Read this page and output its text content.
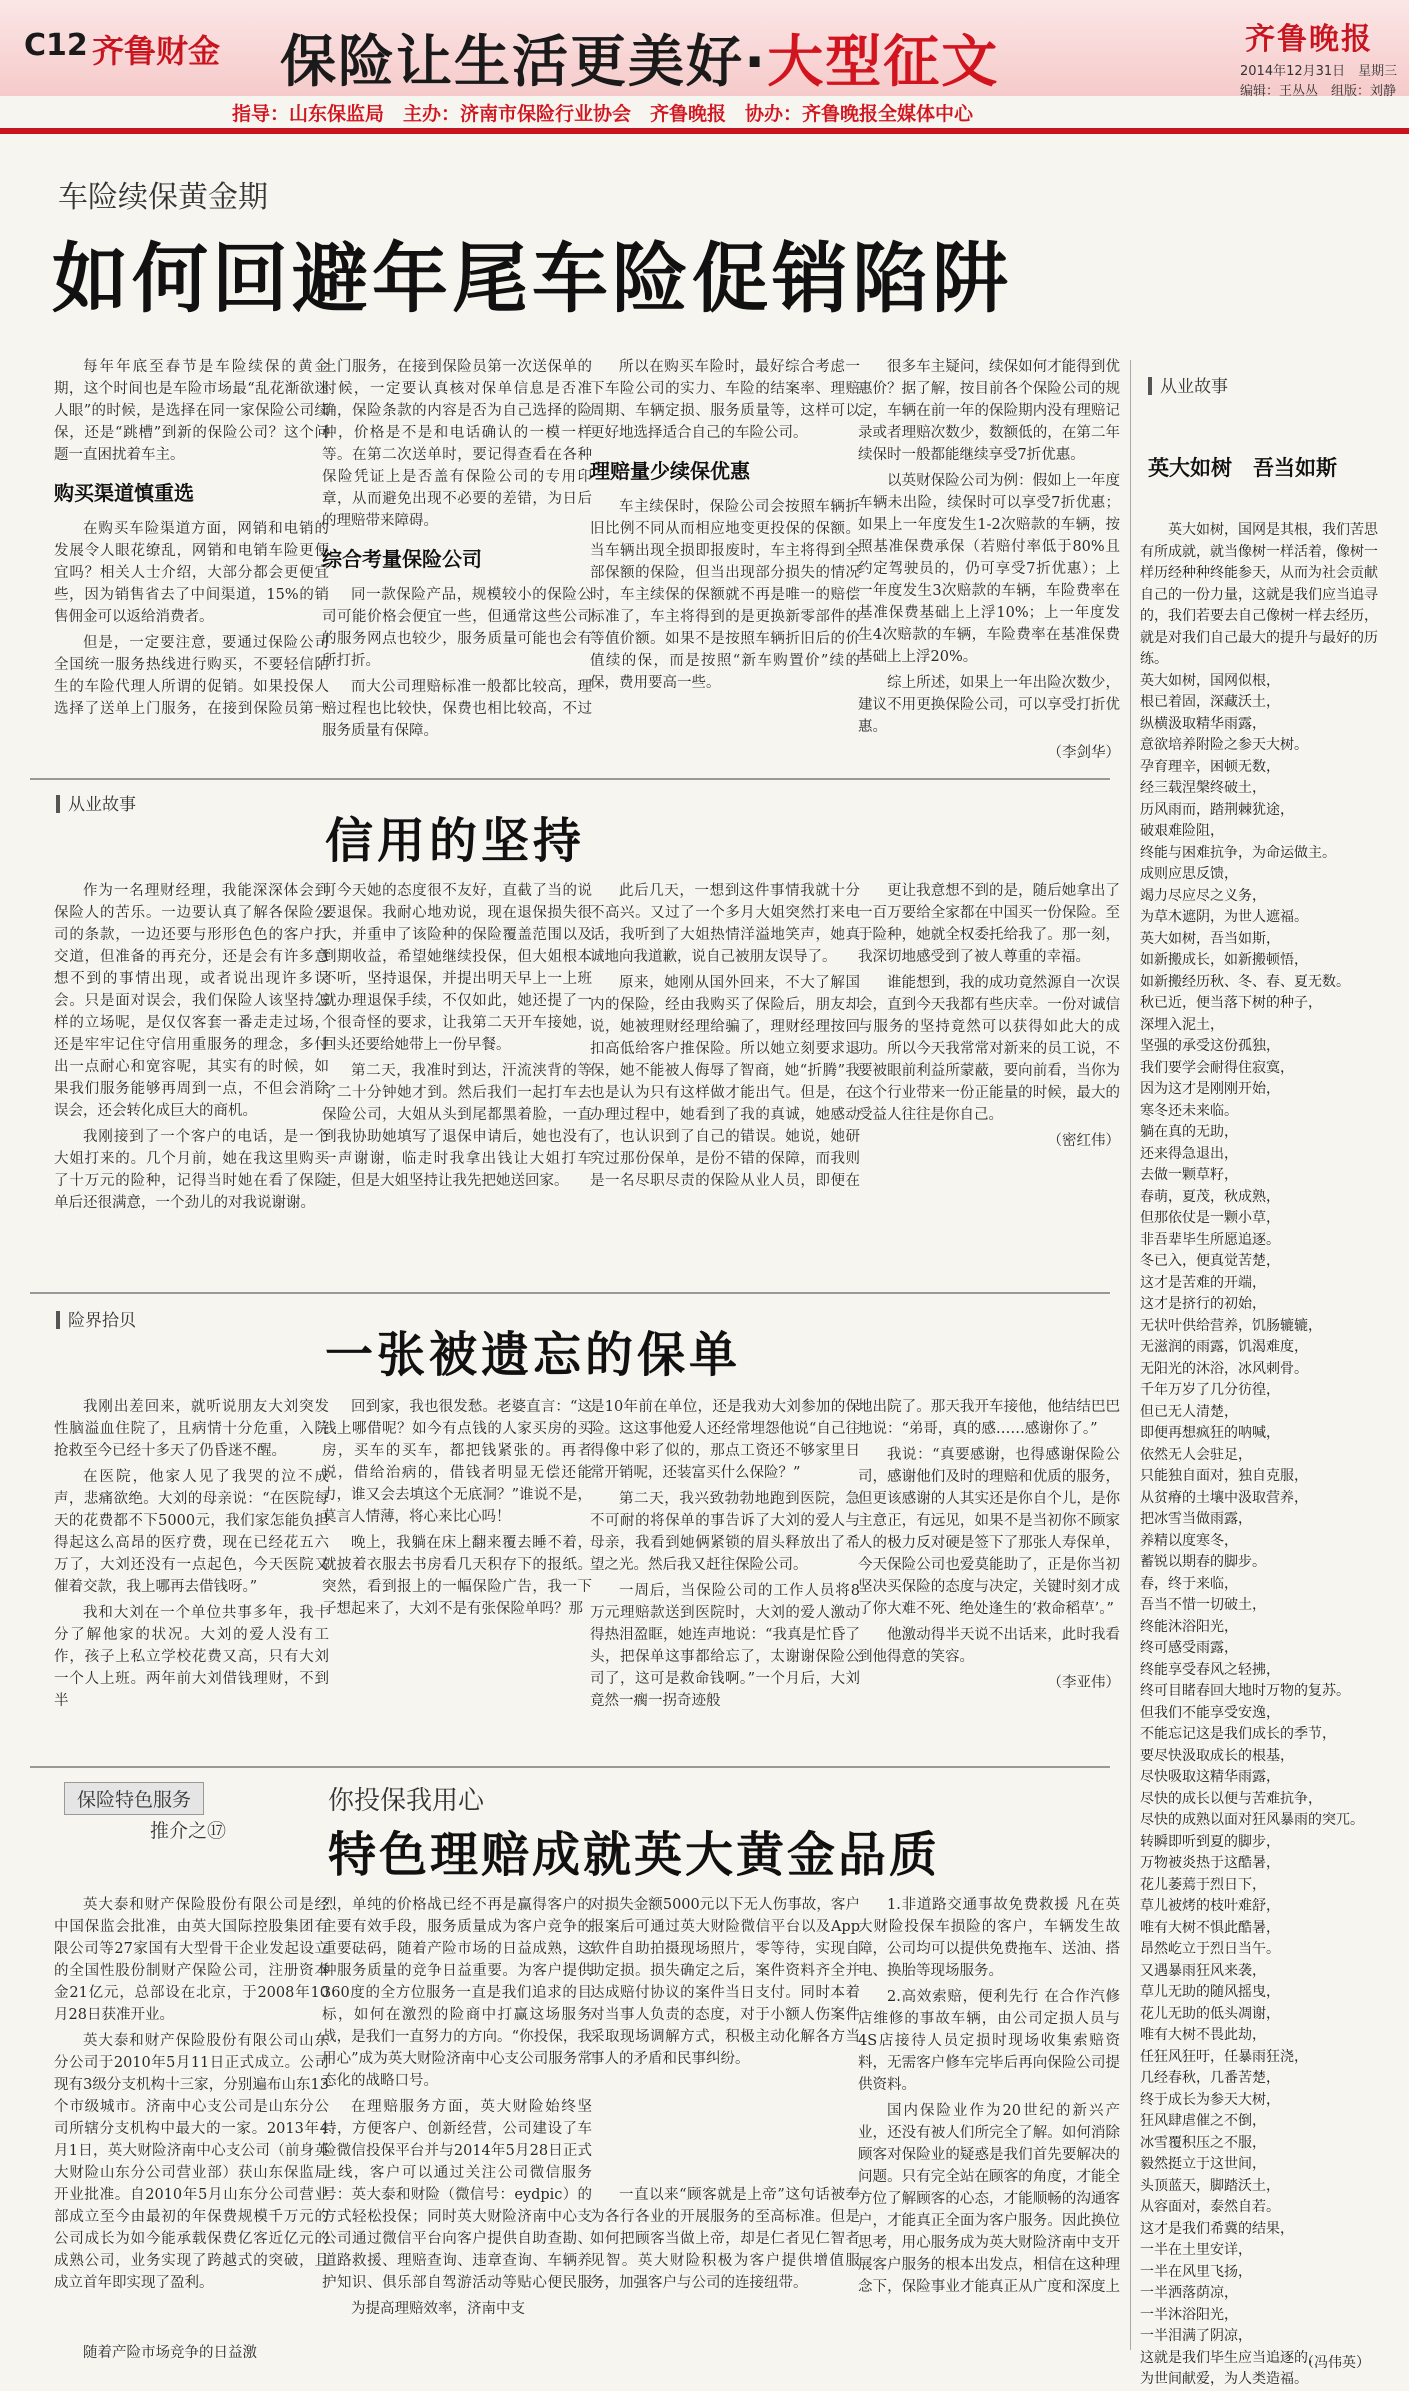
C12 齐鲁财金 保险让生活更美好·大型征文
指导：山东保监局　主办：济南市保险行业协会　齐鲁晚报　协办：齐鲁晚报全媒体中心
齐鲁晚报
2014年12月31日　星期三
编辑：王丛丛　组版：刘静
车险续保黄金期
如何回避年尾车险促销陷阱

每年年底至春节是车险续保的黄金期，这个时间也是车险市场最“乱花渐欲迷人眼”的时候，是选择在同一家保险公司续保，还是“跳槽”到新的保险公司？这个问题一直困扰着车主。

购买渠道慎重选

在购买车险渠道方面，网销和电销的发展令人眼花缭乱，网销和电销车险更便宜吗？相关人士介绍，大部分都会更便宜些，因为销售省去了中间渠道，15%的销售佣金可以返给消费者。

但是，一定要注意，要通过保险公司全国统一服务热线进行购买，不要轻信陌生的车险代理人所谓的促销。如果投保人选择了送单上门服务，在接到保险员第一

上门服务，在接到保险员第一次送保单的时候，一定要认真核对保单信息是否准确，保险条款的内容是否为自己选择的险种，价格是不是和电话确认的一模一样等。在第二次送单时，要记得查看在各种保险凭证上是否盖有保险公司的专用印章，从而避免出现不必要的差错，为日后的理赔带来障碍。

综合考量保险公司

同一款保险产品，规模较小的保险公司可能价格会便宜一些，但通常这些公司的服务网点也较少，服务质量可能也会有所打折。

而大公司理赔标准一般都比较高，理赔过程也比较快，保费也相比较高，不过服务质量有保障。

所以在购买车险时，最好综合考虑一下车险公司的实力、车险的结案率、理赔周期、车辆定损、服务质量等，这样可以更好地选择适合自己的车险公司。

理赔量少续保优惠

车主续保时，保险公司会按照车辆折旧比例不同从而相应地变更投保的保额。当车辆出现全损即报废时，车主将得到全部保额的保险，但当出现部分损失的情况时，车主续保的保额就不再是唯一的赔偿标准了，车主将得到的是更换新零部件的等值价额。如果不是按照车辆折旧后的价值续的保，而是按照“新车购置价”续的保，费用要高一些。

很多车主疑问，续保如何才能得到优惠价？据了解，按目前各个保险公司的规定，车辆在前一年的保险期内没有理赔记录或者理赔次数少，数额低的，在第二年续保时一般都能继续享受7折优惠。

以英财保险公司为例：假如上一年度车辆未出险，续保时可以享受7折优惠；如果上一年度发生1-2次赔款的车辆，按照基准保费承保（若赔付率低于80%且约定驾驶员的，仍可享受7折优惠）；上一年度发生3次赔款的车辆，车险费率在基准保费基础上上浮10%；上一年度发生4次赔款的车辆，车险费率在基准保费基础上上浮20%。

综上所述，如果上一年出险次数少，建议不用更换保险公司，可以享受打折优惠。

（李剑华）
从业故事
信用的坚持

作为一名理财经理，我能深深体会到保险人的苦乐。一边要认真了解各保险公司的条款，一边还要与形形色色的客户打交道，但准备的再充分，还是会有许多意想不到的事情出现，或者说出现许多误会。只是面对误会，我们保险人该坚持怎样的立场呢，是仅仅客套一番走走过场，还是牢牢记住守信用重服务的理念，多付出一点耐心和宽容呢，其实有的时候，如果我们服务能够再周到一点，不但会消除误会，还会转化成巨大的商机。

我刚接到了一个客户的电话，是一个大姐打来的。几个月前，她在我这里购买了十万元的险种，记得当时她在看了保险单后还很满意，一个劲儿的对我说谢谢。

可今天她的态度很不友好，直截了当的说要退保。我耐心地劝说，现在退保损失很大，并重申了该险种的保险覆盖范围以及到期收益，希望她继续投保，但大姐根本不听，坚持退保，并提出明天早上一上班就办理退保手续，不仅如此，她还提了一个很奇怪的要求，让我第二天开车接她，回头还要给她带上一份早餐。

第二天，我准时到达，汗流浃背的等了二十分钟她才到。然后我们一起打车去保险公司，大姐从头到尾都黑着脸，一直到我协助她填写了退保申请后，她也没有一声谢谢，临走时我拿出钱让大姐打车走，但是大姐坚持让我先把她送回家。

此后几天，一想到这件事情我就十分不高兴。又过了一个多月大姐突然打来电话，我听到了大姐热情洋溢地笑声，她真诚地向我道歉，说自己被朋友误导了。

原来，她刚从国外回来，不大了解国内的保险，经由我购买了保险后，朋友却说，她被理财经理给骗了，理财经理按回扣高低给客户推保险。所以她立刻要求退保，她不能被人侮辱了智商，她“折腾”我也是认为只有这样做才能出气。但是，在办理过程中，她看到了我的真诚，她感动了，也认识到了自己的错误。她说，她研究过那份保单，是份不错的保障，而我则是一名尽职尽责的保险从业人员，即便在

更让我意想不到的是，随后她拿出了一百万要给全家都在中国买一份保险。至于险种，她就全权委托给我了。那一刻，我深切地感受到了被人尊重的幸福。

谁能想到，我的成功竟然源自一次误会，直到今天我都有些庆幸。一份对诚信与服务的坚持竟然可以获得如此大的成功。所以今天我常常对新来的员工说，不要被眼前利益所蒙蔽，要向前看，当你为这个行业带来一份正能量的时候，最大的受益人往往是你自己。

（密红伟）
险界拾贝
一张被遗忘的保单

我刚出差回来，就听说朋友大刘突发性脑溢血住院了，且病情十分危重，入院抢救至今已经十多天了仍昏迷不醒。

在医院，他家人见了我哭的泣不成声，悲痛欲绝。大刘的母亲说：“在医院每天的花费都不下5000元，我们家怎能负担得起这么高昂的医疗费，现在已经花五六万了，大刘还没有一点起色，今天医院又催着交款，我上哪再去借钱呀。”

我和大刘在一个单位共事多年，我十分了解他家的状况。大刘的爱人没有工作，孩子上私立学校花费又高，只有大刘一个人上班。两年前大刘借钱理财，不到半

回到家，我也很发愁。老婆直言：“这钱上哪借呢？如今有点钱的人家买房的买房，买车的买车，都把钱紧张的。再者说，借给治病的，借钱者明显无偿还能力，谁又会去填这个无底洞？”谁说不是，莫言人情薄，将心来比心吗！

晚上，我躺在床上翻来覆去睡不着，就披着衣服去书房看几天积存下的报纸。突然，看到报上的一幅保险广告，我一下子想起来了，大刘不是有张保险单吗？那

是10年前在单位，还是我劝大刘参加的保险。这这事他爱人还经常埋怨他说“自己往得像中彩了似的，那点工资还不够家里日常开销呢，还装富买什么保险？”

第二天，我兴致勃勃地跑到医院，急不可耐的将保单的事告诉了大刘的爱人与母亲，我看到她俩紧锁的眉头释放出了希望之光。然后我又赶往保险公司。

一周后，当保险公司的工作人员将8万元理赔款送到医院时，大刘的爱人激动得热泪盈眶，她连声地说：“我真是忙昏了头，把保单这事都给忘了，太谢谢保险公司了，这可是救命钱啊。”一个月后，大刘竟然一瘸一拐奇迹般

地出院了。那天我开车接他，他结结巴巴地说：“弟哥，真的感……感谢你了。”

我说：“真要感谢，也得感谢保险公司，感谢他们及时的理赔和优质的服务，但更该感谢的人其实还是你自个儿，是你主意正，有远见，如果不是当初你不顾家人的极力反对硬是签下了那张人寿保单，今天保险公司也爱莫能助了，正是你当初坚决买保险的态度与决定，关键时刻才成了你大难不死、绝处逢生的‘救命稻草’。”

他激动得半天说不出话来，此时我看到他得意的笑容。

（李亚伟）
保险特色服务
推介之⑰
你投保我用心
特色理赔成就英大黄金品质

英大泰和财产保险股份有限公司是经中国保监会批准，由英大国际控股集团有限公司等27家国有大型骨干企业发起设立的全国性股份制财产保险公司，注册资本金21亿元，总部设在北京，于2008年10月28日获准开业。

英大泰和财产保险股份有限公司山东分公司于2010年5月11日正式成立。公司现有3级分支机构十三家，分别遍布山东13个市级城市。济南中心支公司是山东分公司所辖分支机构中最大的一家。2013年4月1日，英大财险济南中心支公司（前身英大财险山东分公司营业部）获山东保监局开业批准。自2010年5月山东分公司营业部成立至今由最初的年保费规模千万元的公司成长为如今能承载保费亿客近亿元的成熟公司，业务实现了跨越式的突破，且成立首年即实现了盈利。

随着产险市场竞争的日益激

烈，单纯的价格战已经不再是赢得客户的主要有效手段，服务质量成为客户竞争的重要砝码，随着产险市场的日益成熟，这种服务质量的竞争日益重要。为客户提供360度的全方位服务一直是我们追求的目标，如何在激烈的险商中打赢这场服务战，是我们一直努力的方向。“你投保，我用心”成为英大财险济南中心支公司服务常态化的战略口号。

在理赔服务方面，英大财险始终坚持，方便客户、创新经营，公司建设了车险微信投保平台并与2014年5月28日正式上线，客户可以通过关注公司微信服务号：英大泰和财险（微信号：eydpic）的方式轻松投保；同时英大财险济南中心支公司通过微信平台向客户提供自助查勘、道路救援、理赔查询、违章查询、车辆养护知识、俱乐部自驾游活动等贴心便民服

为提高理赔效率，济南中支

对损失金额5000元以下无人伤事故，客户报案后可通过英大财险微信平台以及App软件自助拍摄现场照片，零等待，实现自助定损。损失确定之后，案件资料齐全并达成赔付协议的案件当日支付。同时本着对当事人负责的态度，对于小额人伤案件采取现场调解方式，积极主动化解各方当事人的矛盾和民事纠纷。

一直以来“顾客就是上帝”这句话被奉为各行各业的开展服务的至高标准。但是如何把顾客当做上帝，却是仁者见仁智者见智。英大财险积极为客户提供增值服务，加强客户与公司的连接纽带。

1.非道路交通事故免费救援 凡在英大财险投保车损险的客户，车辆发生故障，公司均可以提供免费拖车、送油、搭电、换胎等现场服务。

2.高效索赔，便利先行 在合作汽修店维修的事故车辆，由公司定损人员与4S店接待人员定损时现场收集索赔资料，无需客户修车完毕后再向保险公司提供资料。

国内保险业作为20世纪的新兴产业，还没有被人们所完全了解。如何消除顾客对保险业的疑惑是我们首先要解决的问题。只有完全站在顾客的角度，才能全方位了解顾客的心态，才能顺畅的沟通客户，才能真正全面为客户服务。因此换位思考，用心服务成为英大财险济南中支开展客户服务的根本出发点，相信在这种理念下，保险事业才能真正从广度和深度上

从业故事
英大如树　吾当如斯

英大如树，国网是其根，我们苦思有所成就，就当像树一样活着，像树一样历经种种终能参天，从而为社会贡献自己的一份力量，这就是我们应当追寻的，我们若要去自己像树一样去经历，就是对我们自己最大的提升与最好的历练。

英大如树，国网似根，

根已着固，深藏沃土，

纵横汲取精华雨露，

意欲培养附险之参天大树。

孕育理辛，困顿无数，

经三载涅槃终破土，

历风雨而，踏荆棘犹途，

破艰难险阻，

终能与困难抗争，为命运做主。

成则应思反馈，

竭力尽应尽之义务，

为草木遮阴，为世人遮福。

英大如树，吾当如斯，

如新搬成长，如新搬顿悟，

如新搬经历秋、冬、春、夏无数。

秋已近，便当落下树的种子，

深埋入泥土，

坚强的承受这份孤独，

我们要学会耐得住寂寞，

因为这才是刚刚开始，

寒冬还未来临。

躺在真的无助，

还来得急退出，

去做一颗草籽，

春萌，夏茂，秋成熟，

但那依仗是一颗小草，

非吾辈毕生所愿追逐。

冬已入，便真觉苦楚，

这才是苦难的开端，

这才是挤行的初始，

无状叶供给营养，饥肠辘辘，

无滋润的雨露，饥渴难度，

无阳光的沐浴，冰风刺骨。

千年万岁了几分彷徨，

但已无人清楚，

即便再想疯狂的呐喊，

依然无人会驻足，

只能独自面对，独自克服，

从贫瘠的土壤中汲取营养，

把冰雪当做雨露，

养精以度寒冬，

蓄锐以期春的脚步。

春，终于来临，

吾当不惜一切破土，

终能沐浴阳光，

终可感受雨露，

终能享受春风之轻拂，

终可目睹春回大地时万物的复苏。

但我们不能享受安逸，

不能忘记这是我们成长的季节，

要尽快汲取成长的根基，

尽快吸取这精华雨露，

尽快的成长以便与苦难抗争，

尽快的成熟以面对狂风暴雨的突兀。

转瞬即听到夏的脚步，

万物被炎热于这酷暑，

花儿萎蔫于烈日下，

草儿被烤的枝叶难舒，

唯有大树不惧此酷暑，

昂然屹立于烈日当午。

又遇暴雨狂风来袭，

草儿无助的随风摇曳，

花儿无助的低头凋谢，

唯有大树不畏此劫，

任狂风狂吁，任暴雨狂浇，

几经春秋，几番苦楚，

终于成长为参天大树，

狂风肆虐催之不倒，

冰雪覆积压之不服，

毅然挺立于这世间，

头顶蓝天，脚踏沃土，

从容面对，泰然自若。

这才是我们希冀的结果，

一半在土里安详，

一半在风里飞扬，

一半洒落荫凉，

一半沐浴阳光，

一半泪满了阴凉，

这就是我们毕生应当追逐的，

为世间献爱，为人类造福。

（冯伟英）
